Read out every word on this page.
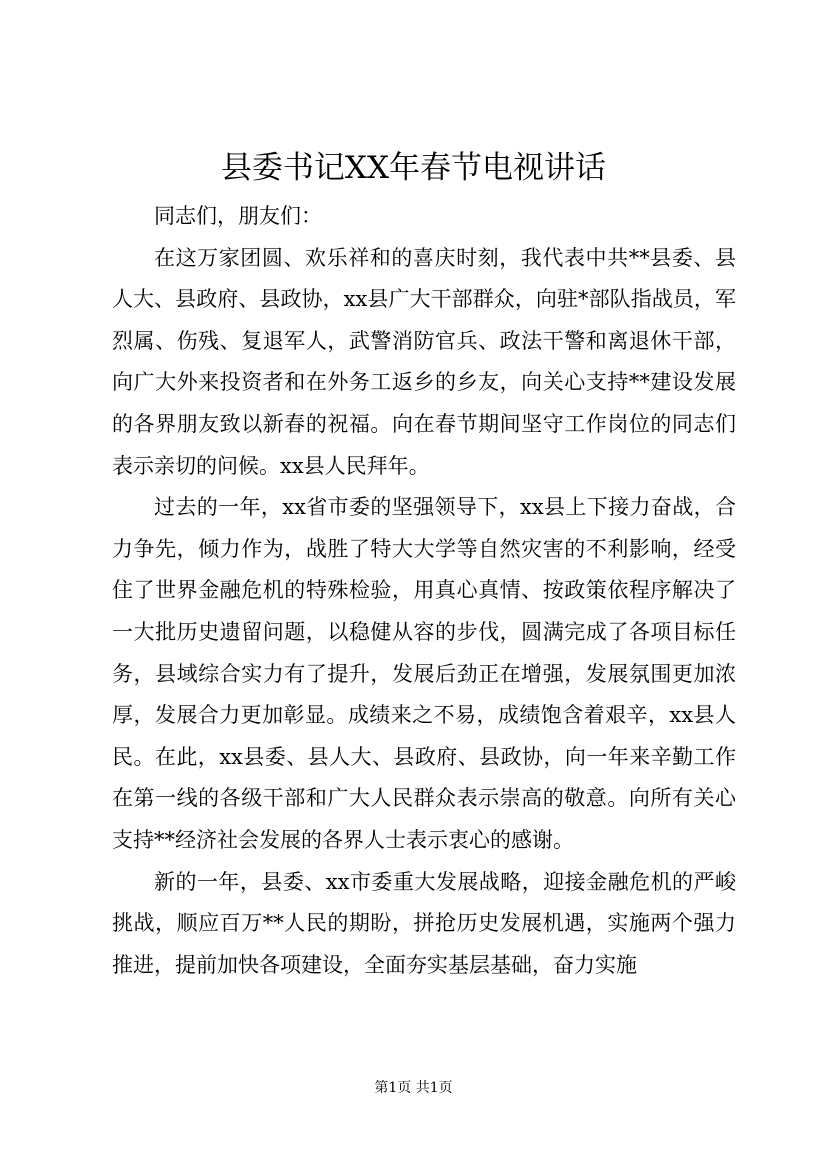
县委书记XX年春节电视讲话

同志们，朋友们：

在这万家团圆、欢乐祥和的喜庆时刻，我代表中共**县委、县人大、县政府、县政协，xx县广大干部群众，向驻*部队指战员，军烈属、伤残、复退军人，武警消防官兵、政法干警和离退休干部，向广大外来投资者和在外务工返乡的乡友，向关心支持**建设发展的各界朋友致以新春的祝福。向在春节期间坚守工作岗位的同志们表示亲切的问候。xx县人民拜年。

过去的一年，xx省市委的坚强领导下，xx县上下接力奋战，合力争先，倾力作为，战胜了特大大学等自然灾害的不利影响，经受住了世界金融危机的特殊检验，用真心真情、按政策依程序解决了一大批历史遗留问题，以稳健从容的步伐，圆满完成了各项目标任务，县域综合实力有了提升，发展后劲正在增强，发展氛围更加浓厚，发展合力更加彰显。成绩来之不易，成绩饱含着艰辛，xx县人民。在此，xx县委、县人大、县政府、县政协，向一年来辛勤工作在第一线的各级干部和广大人民群众表示崇高的敬意。向所有关心支持**经济社会发展的各界人士表示衷心的感谢。

新的一年，县委、xx市委重大发展战略，迎接金融危机的严峻挑战，顺应百万**人民的期盼，拼抢历史发展机遇，实施两个强力推进，提前加快各项建设，全面夯实基层基础，奋力实施

第1页 共1页
